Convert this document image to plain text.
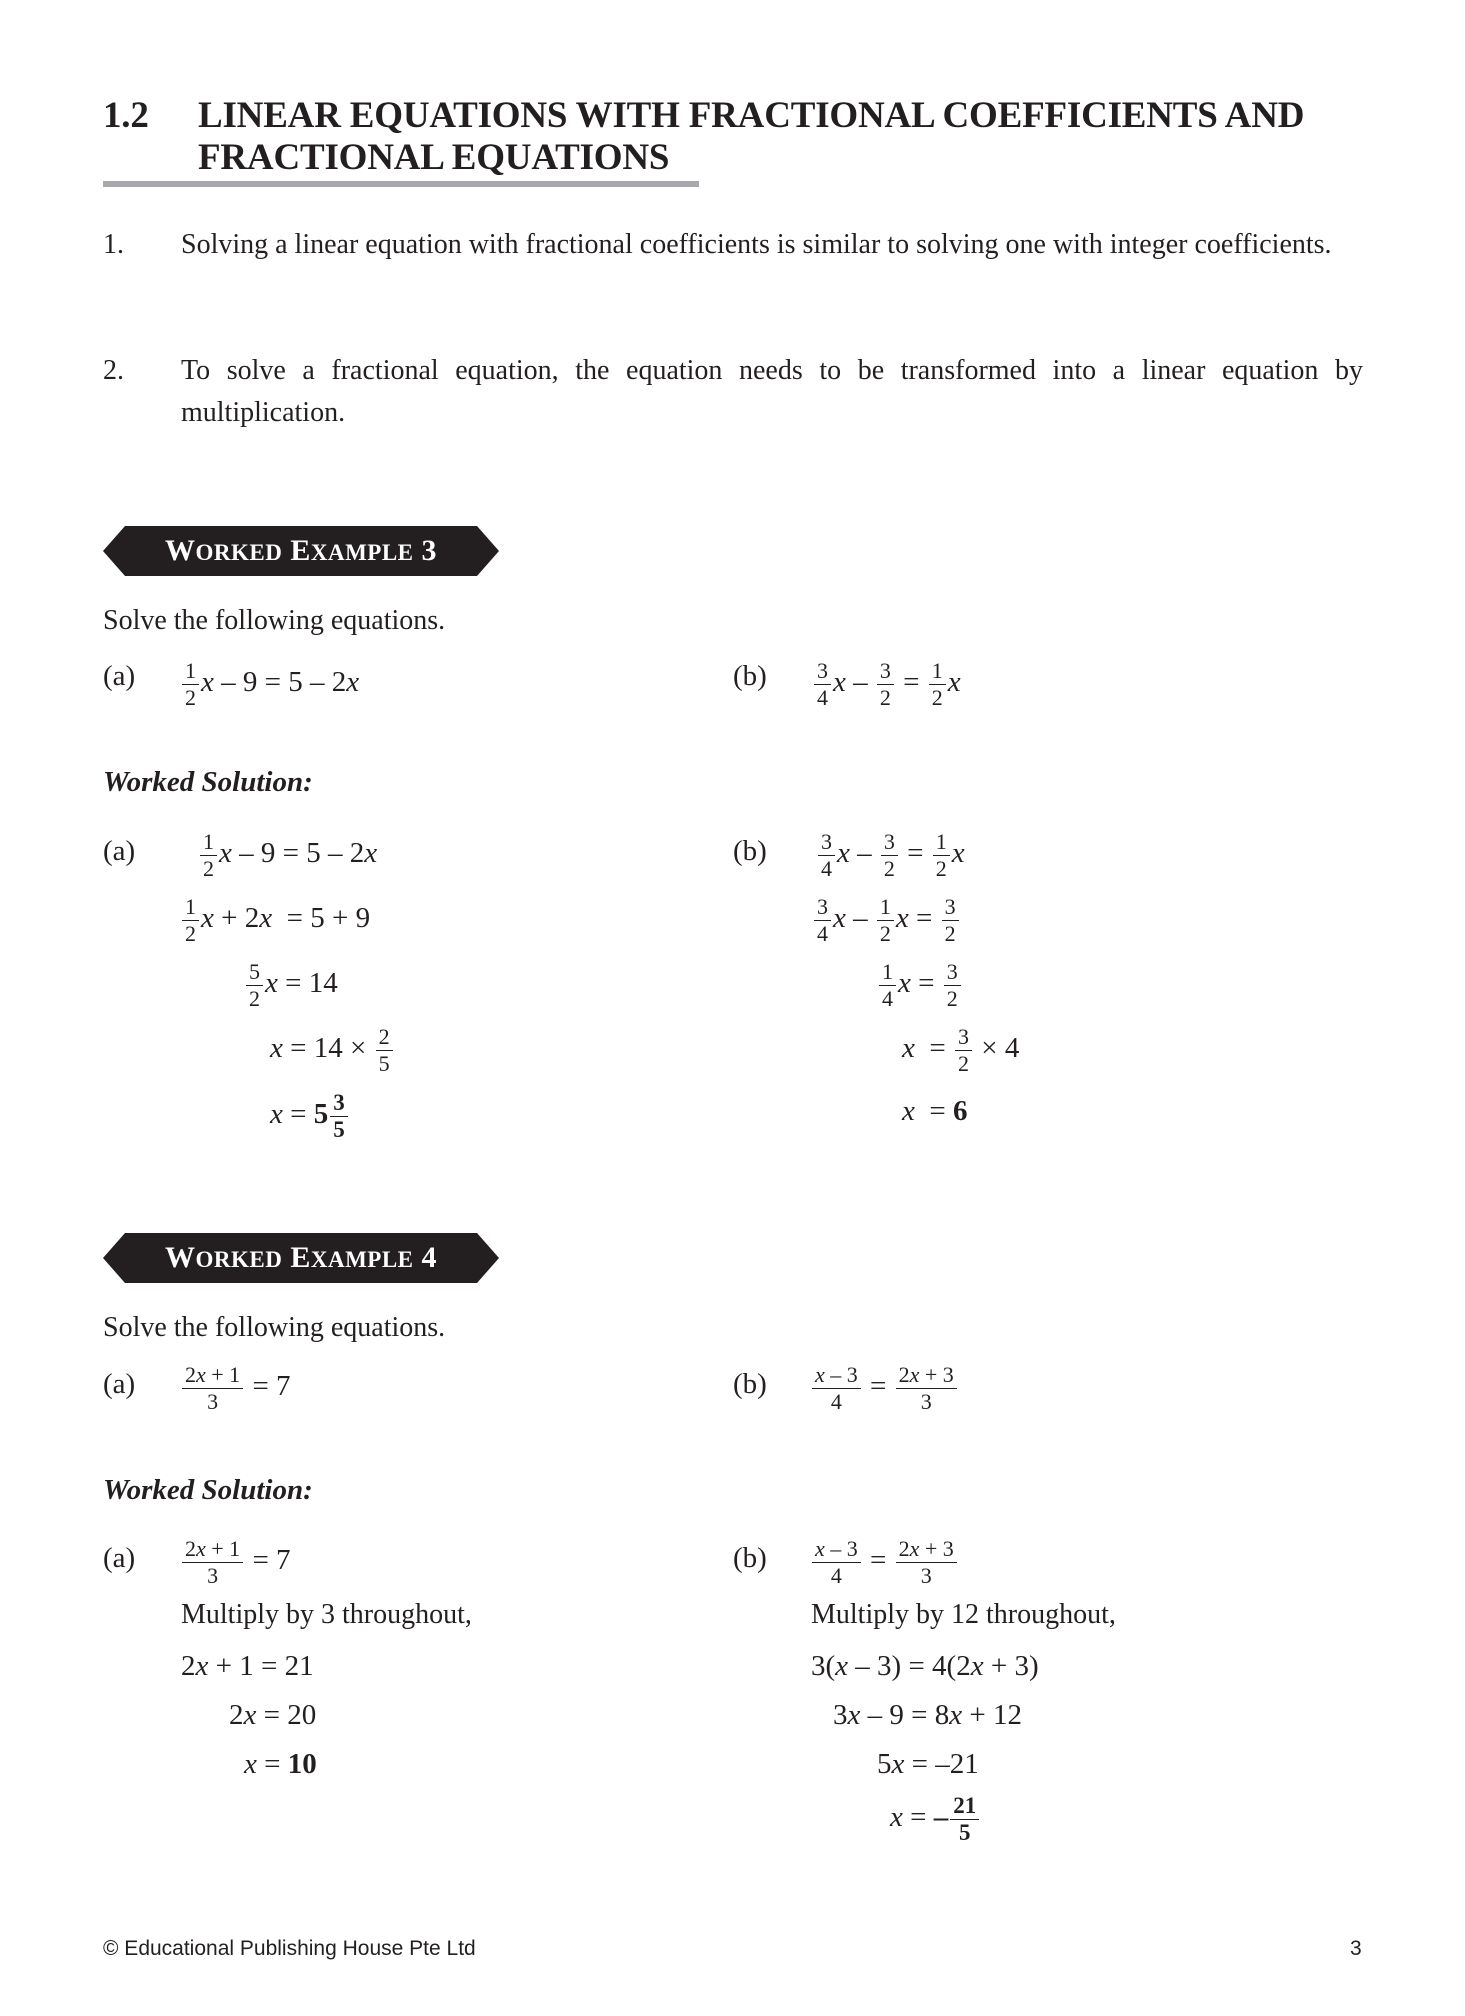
1.2 LINEAR EQUATIONS WITH FRACTIONAL COEFFICIENTS AND
FRACTIONAL EQUATIONS
1. Solving a linear equation with fractional coefficients is similar to solving one with integer coefficients.
2. To solve a fractional equation, the equation needs to be transformed into a linear equation by multiplication.
WORKED EXAMPLE 3
Solve the following equations.
$(a) \frac{1}{2}$ x – 9 = 5 – 2x	$(b) \frac{3}{4}$ $x - \frac{3}{2} = \frac{1}{2}$ x
Worked Solution:
(a)	$\frac{1}{2}$ x – 9 = 5 – 2x
$\frac{1}{2}$ x + 2x  = 5 + 9
$\frac{5}{2}$ x = 14
$x = 14 \times \frac{2}{5}$
$x = 5 \frac{3}{5}$
$(b) \frac{3}{4}$ $x - \frac{3}{2} = \frac{1}{2}$ x
$\frac{3}{4}$ x – $\frac{1}{2}$ $x = \frac{3}{2}$
$\frac{1}{4}$ $x = \frac{3}{2}$
$x = \frac{3}{2} \times 4$
x  = 6
WORKED EXAMPLE 4
Solve the following equations.
$(a) \frac{2x + 1}{3} = 7$	$(b) \frac{x - 3}{4} = \frac{2x + 3}{3}$
Worked Solution:
$(a) \frac{2x + 1}{3} = 7$
Multiply by 3 throughout,
2x + 1 = 21
2x = 20
x = 10
$(b) \frac{x - 3}{4} = \frac{2x + 3}{3}$
Multiply by 12 throughout,
3(x – 3) = 4(2x + 3)
3x – 9 = 8x + 12
5x = –21
x = – $\frac{21}{5}$
© Educational Publishing House Pte Ltd	3
